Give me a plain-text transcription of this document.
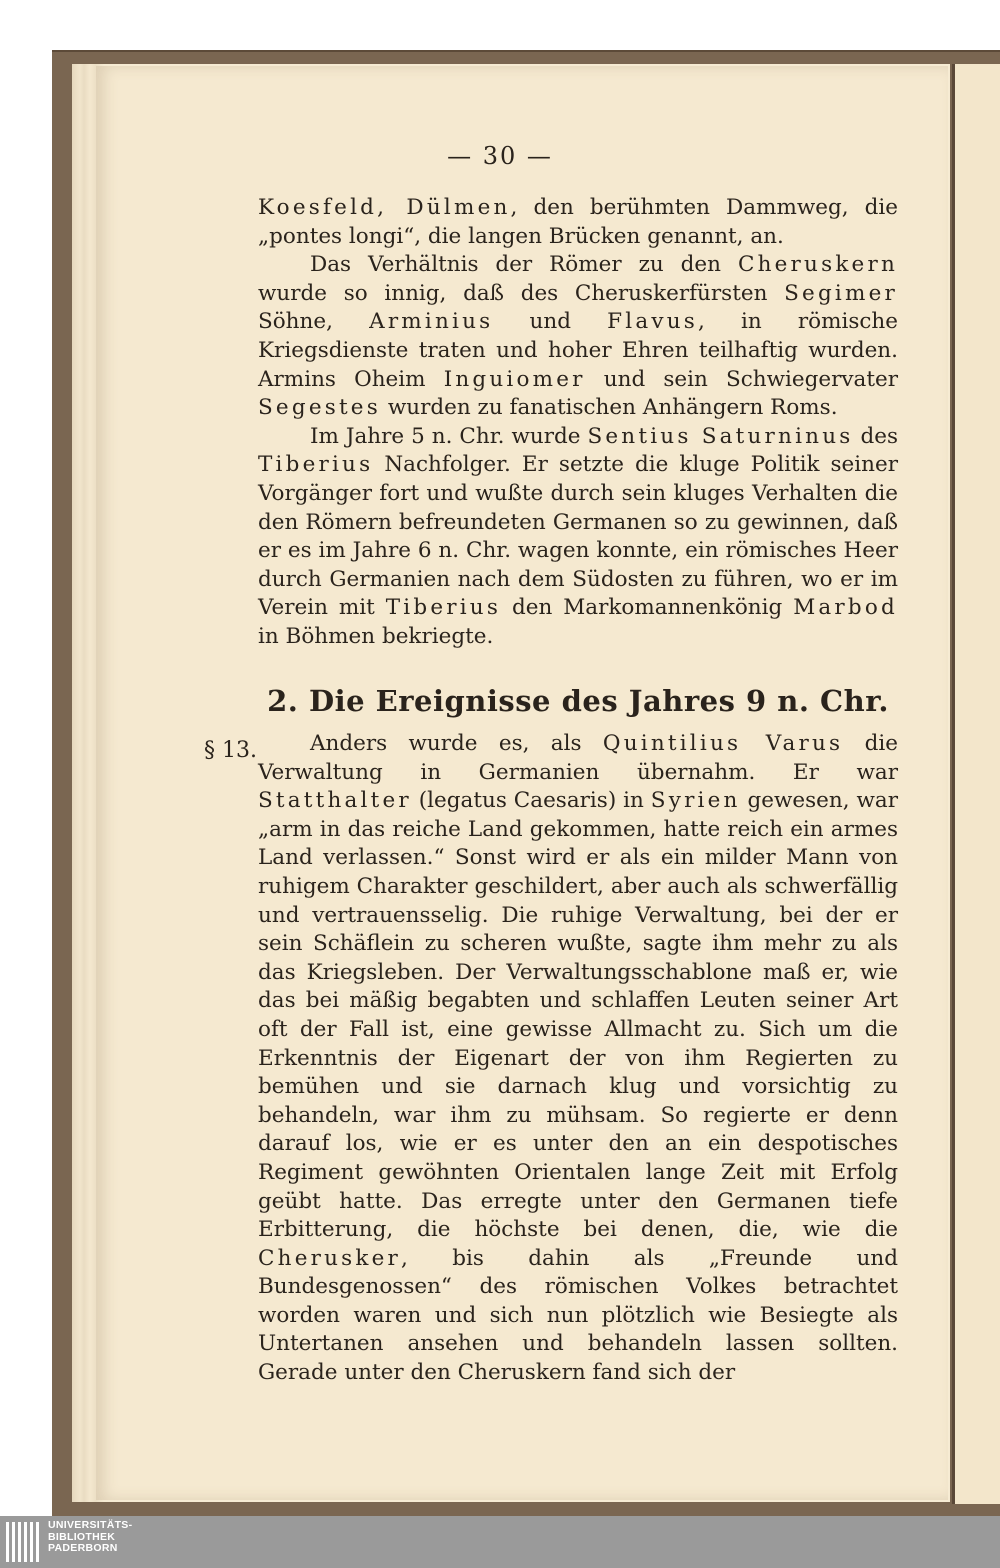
— 30 —

Koesfeld, Dülmen, den berühmten Dammweg, die „pontes longi“, die langen Brücken genannt, an.

Das Verhältnis der Römer zu den Cheruskern wurde so innig, daß des Cheruskerfürsten Segimer Söhne, Arminius und Flavus, in römische Kriegsdienste traten und hoher Ehren teilhaftig wurden. Armins Oheim Inguiomer und sein Schwiegervater Segestes wurden zu fanatischen Anhängern Roms.

Im Jahre 5 n. Chr. wurde Sentius Saturninus des Tiberius Nachfolger. Er setzte die kluge Politik seiner Vorgänger fort und wußte durch sein kluges Verhalten die den Römern befreundeten Germanen so zu gewinnen, daß er es im Jahre 6 n. Chr. wagen konnte, ein römisches Heer durch Germanien nach dem Südosten zu führen, wo er im Verein mit Tiberius den Markomannenkönig Marbod in Böhmen bekriegte.

2. Die Ereignisse des Jahres 9 n. Chr.
§ 13.	Anders wurde es, als Quintilius Varus die Verwaltung in Germanien übernahm. Er war Statthalter (legatus Caesaris) in Syrien gewesen, war „arm in das reiche Land gekommen, hatte reich ein armes Land verlassen.“ Sonst wird er als ein milder Mann von ruhigem Charakter geschildert, aber auch als schwerfällig und vertrauensselig. Die ruhige Verwaltung, bei der er sein Schäflein zu scheren wußte, sagte ihm mehr zu als das Kriegsleben. Der Verwaltungsschablone maß er, wie das bei mäßig begabten und schlaffen Leuten seiner Art oft der Fall ist, eine gewisse Allmacht zu. Sich um die Erkenntnis der Eigenart der von ihm Regierten zu bemühen und sie darnach klug und vorsichtig zu behandeln, war ihm zu mühsam. So regierte er denn darauf los, wie er es unter den an ein despotisches Regiment gewöhnten Orientalen lange Zeit mit Erfolg geübt hatte. Das erregte unter den Germanen tiefe Erbitterung, die höchste bei denen, die, wie die Cherusker, bis dahin als „Freunde und Bundesgenossen“ des römischen Volkes betrachtet worden waren und sich nun plötzlich wie Besiegte als Untertanen ansehen und behandeln lassen sollten. Gerade unter den Cheruskern fand sich der

UNIVERSITÄTS-
BIBLIOTHEK
PADERBORN
